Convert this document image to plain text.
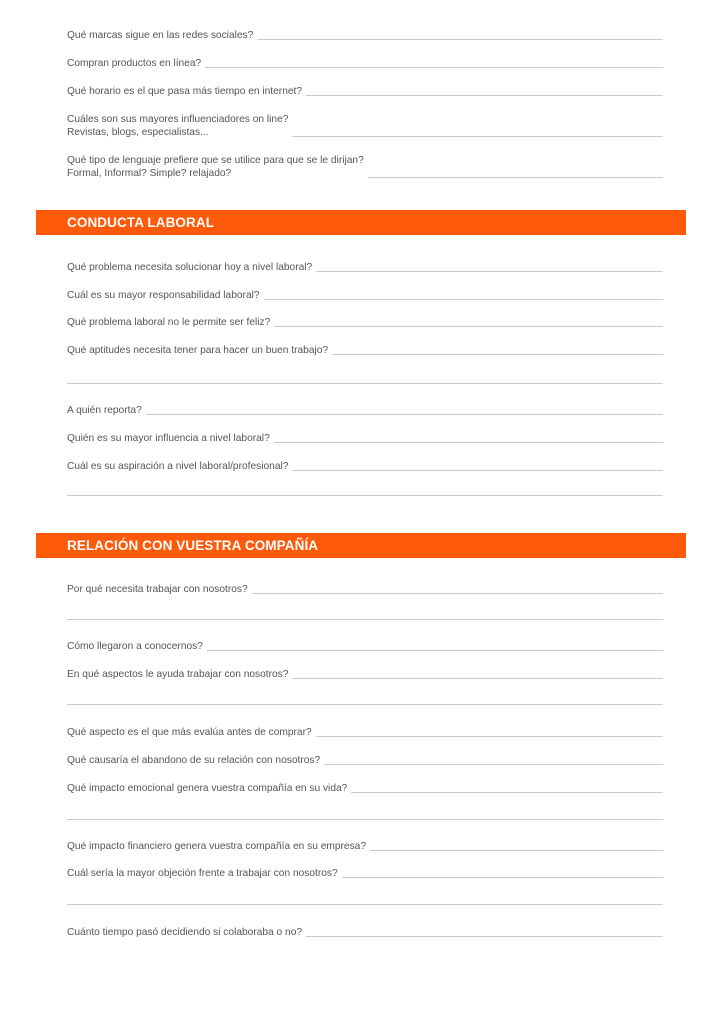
Qué marcas sigue en las redes sociales?
Compran productos en línea?
Qué horario es el que pasa más tiempo en internet?
Cuáles son sus mayores influenciadores on line?
Revistas, blogs, especialistas...
Qué tipo de lenguaje prefiere que se utilice para que se le dirijan?
Formal, Informal? Simple? relajado?
CONDUCTA LABORAL
Qué problema necesita solucionar hoy a nivel laboral?
Cuál es su mayor responsabilidad laboral?
Qué problema laboral no le permite ser feliz?
Qué aptitudes necesita tener para hacer un buen trabajo?
A quién reporta?
Quién es su mayor influencia a nivel laboral?
Cuál es su aspiración a nivel laboral/profesional?
RELACIÓN CON VUESTRA COMPAÑÍA
Por qué necesita trabajar con nosotros?
Cómo llegaron a conocernos?
En qué aspectos le ayuda trabajar con nosotros?
Qué aspecto es el que más evalúa antes de comprar?
Qué causaría el abandono de su relación con nosotros?
Qué impacto emocional genera vuestra compañía en su vida?
Qué impacto financiero genera vuestra compañía en su empresa?
Cuál sería la mayor objeción frente a trabajar con nosotros?
Cuánto tiempo pasó decidiendo si colaboraba o no?
